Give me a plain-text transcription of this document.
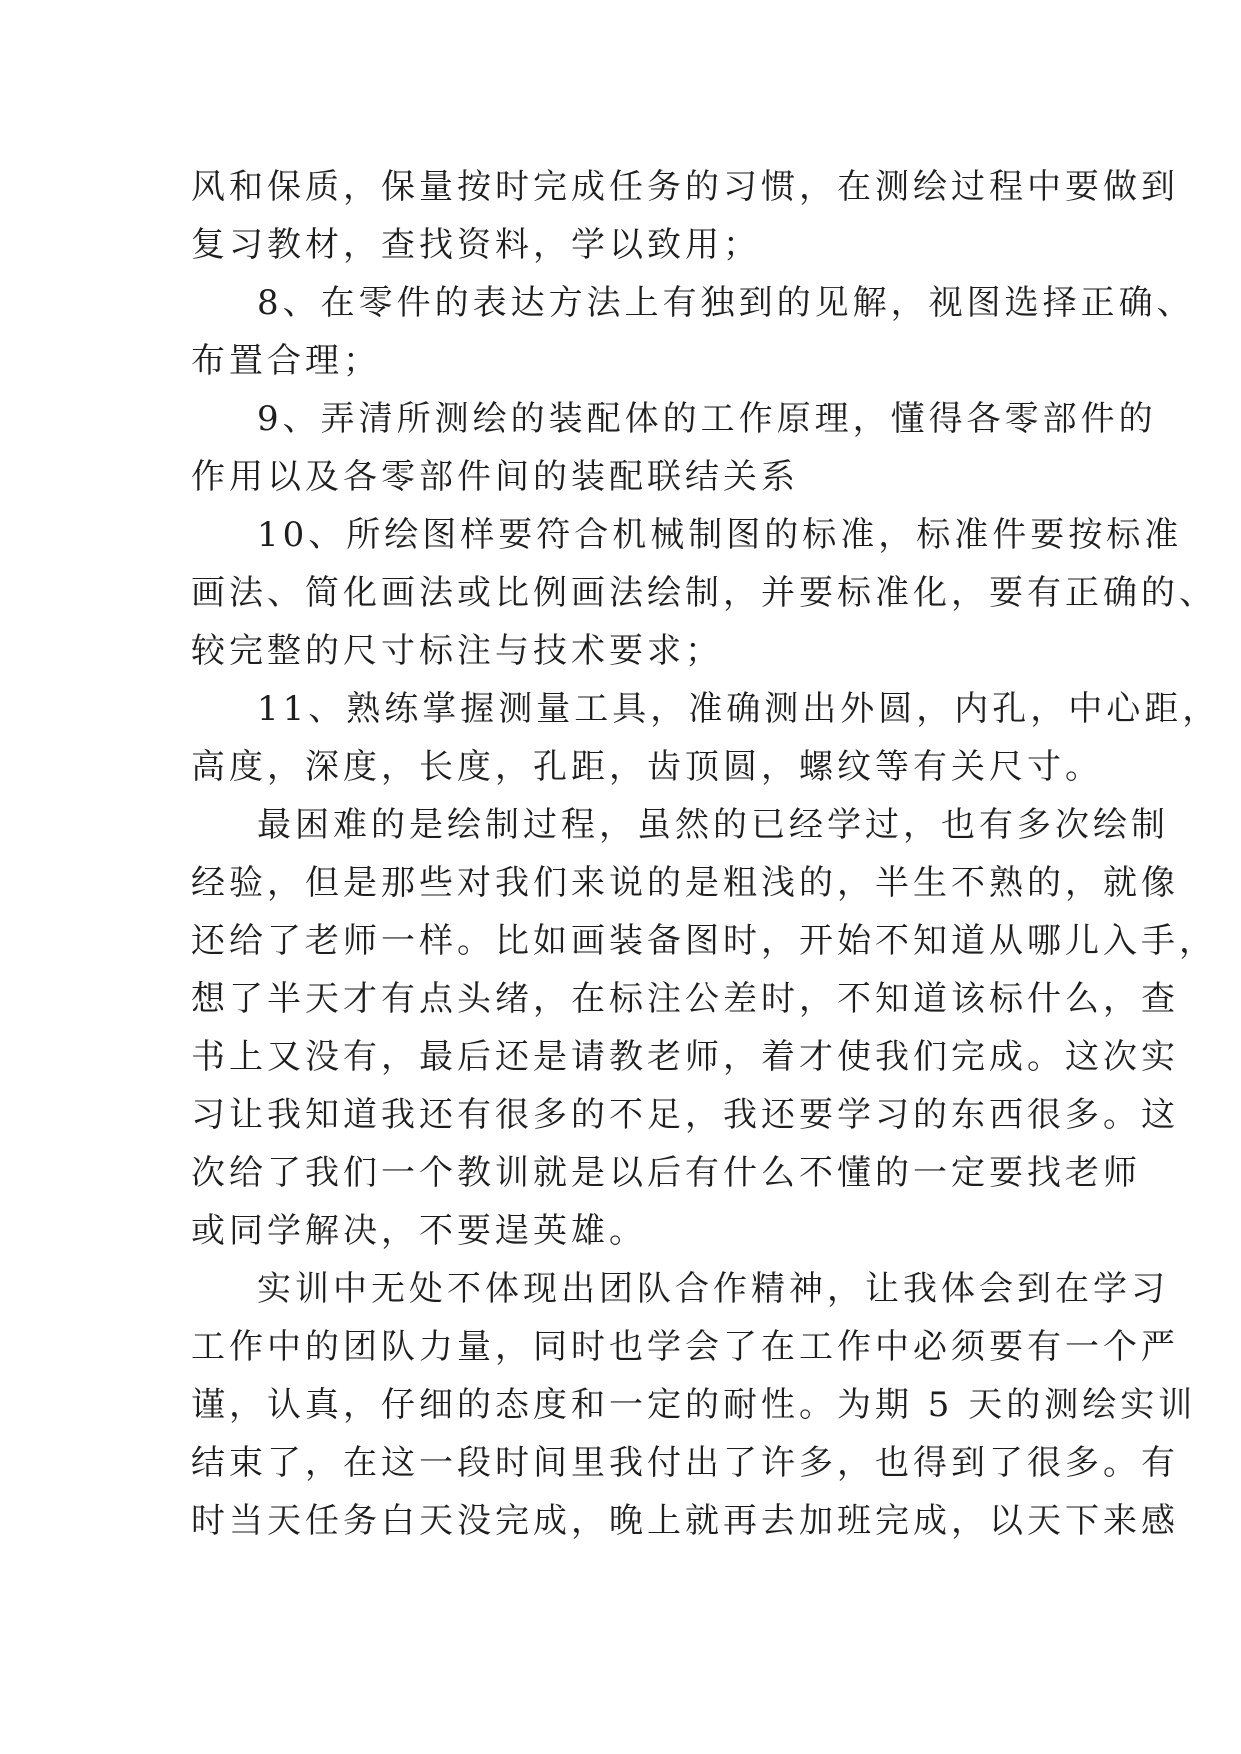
风和保质，保量按时完成任务的习惯，在测绘过程中要做到
复习教材，查找资料，学以致用；
8、在零件的表达方法上有独到的见解，视图选择正确、
布置合理；
9、弄清所测绘的装配体的工作原理，懂得各零部件的
作用以及各零部件间的装配联结关系
10、所绘图样要符合机械制图的标准，标准件要按标准
画法、简化画法或比例画法绘制，并要标准化，要有正确的、
较完整的尺寸标注与技术要求；
11、熟练掌握测量工具，准确测出外圆，内孔，中心距，
高度，深度，长度，孔距，齿顶圆，螺纹等有关尺寸。
最困难的是绘制过程，虽然的已经学过，也有多次绘制
经验，但是那些对我们来说的是粗浅的，半生不熟的，就像
还给了老师一样。比如画装备图时，开始不知道从哪儿入手，
想了半天才有点头绪，在标注公差时，不知道该标什么，查
书上又没有，最后还是请教老师，着才使我们完成。这次实
习让我知道我还有很多的不足，我还要学习的东西很多。这
次给了我们一个教训就是以后有什么不懂的一定要找老师
或同学解决，不要逞英雄。
实训中无处不体现出团队合作精神，让我体会到在学习
工作中的团队力量，同时也学会了在工作中必须要有一个严
谨，认真，仔细的态度和一定的耐性。为期 5 天的测绘实训
结束了，在这一段时间里我付出了许多，也得到了很多。有
时当天任务白天没完成，晚上就再去加班完成，以天下来感
